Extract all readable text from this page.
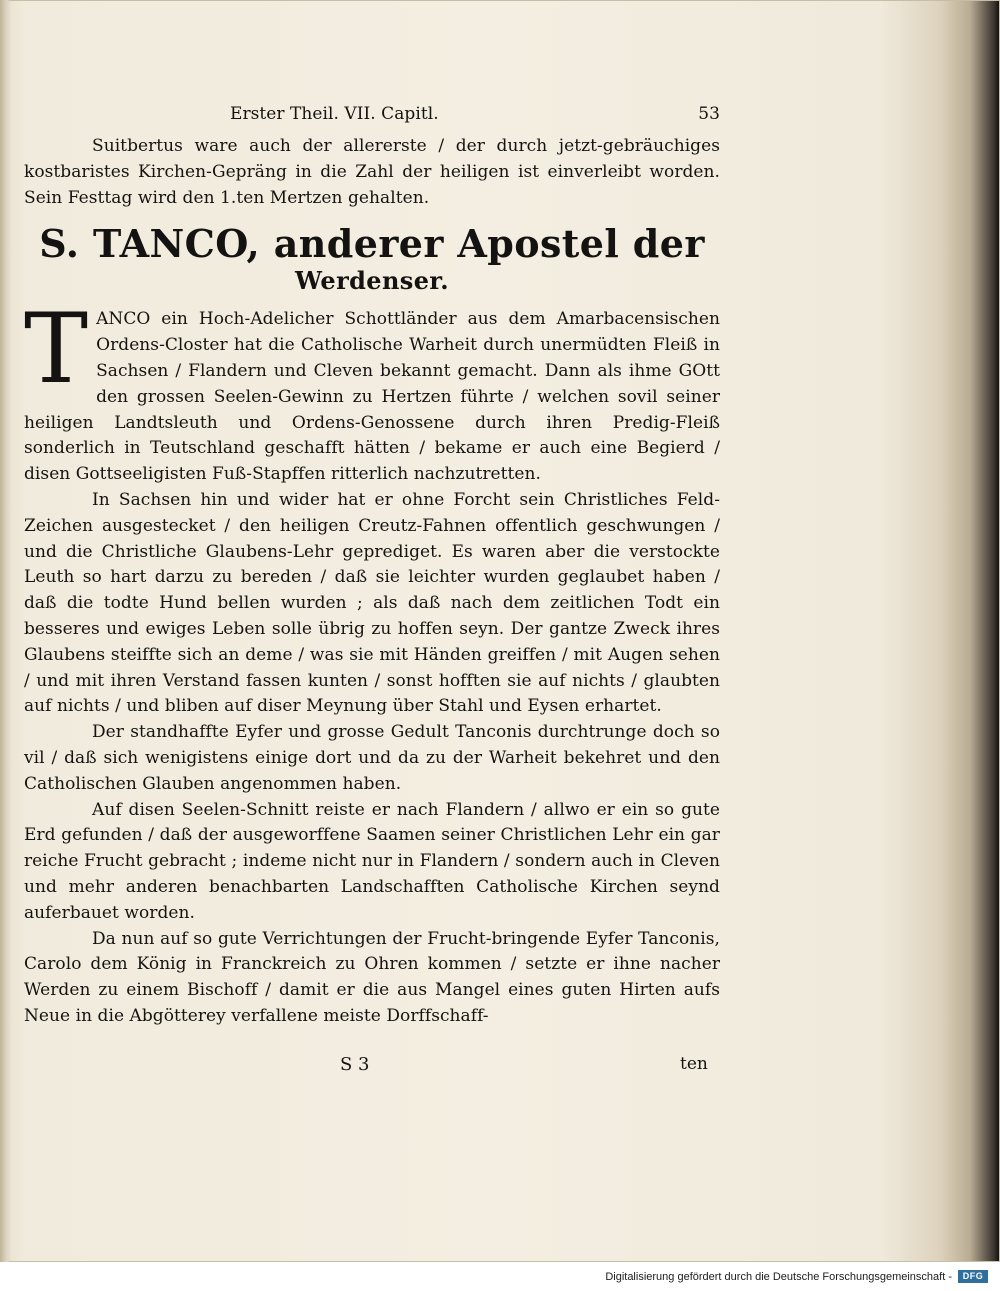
Erster Theil. VII. Capitl.	53

Suitbertus ware auch der allererste / der durch jetzt-gebräuchiges kostbaristes Kirchen-Gepräng in die Zahl der heiligen ist einverleibt worden. Sein Festtag wird den 1.ten Mertzen gehalten.

S. TANCO, anderer Apostel der
Werdenser.
T ANCO ein Hoch-Adelicher Schottländer aus dem Amarbacensischen Ordens-Closter hat die Catholische Warheit durch unermüdten Fleiß in Sachsen / Flandern und Cleven bekannt gemacht. Dann als ihme GOtt den grossen Seelen-Gewinn zu Hertzen führte / welchen sovil seiner heiligen Landtsleuth und Ordens-Genossene durch ihren Predig-Fleiß sonderlich in Teutschland geschafft hätten / bekame er auch eine Begierd / disen Gottseeligisten Fuß-Stapffen ritterlich nachzutretten.

In Sachsen hin und wider hat er ohne Forcht sein Christliches Feld-Zeichen ausgestecket / den heiligen Creutz-Fahnen offentlich geschwungen / und die Christliche Glaubens-Lehr geprediget. Es waren aber die verstockte Leuth so hart darzu zu bereden / daß sie leichter wurden geglaubet haben / daß die todte Hund bellen wurden ; als daß nach dem zeitlichen Todt ein besseres und ewiges Leben solle übrig zu hoffen seyn. Der gantze Zweck ihres Glaubens steiffte sich an deme / was sie mit Händen greiffen / mit Augen sehen / und mit ihren Verstand fassen kunten / sonst hofften sie auf nichts / glaubten auf nichts / und bliben auf diser Meynung über Stahl und Eysen erhartet.

Der standhaffte Eyfer und grosse Gedult Tanconis durchtrunge doch so vil / daß sich wenigistens einige dort und da zu der Warheit bekehret und den Catholischen Glauben angenommen haben.

Auf disen Seelen-Schnitt reiste er nach Flandern / allwo er ein so gute Erd gefunden / daß der ausgeworffene Saamen seiner Christlichen Lehr ein gar reiche Frucht gebracht ; indeme nicht nur in Flandern / sondern auch in Cleven und mehr anderen benachbarten Landschafften Catholische Kirchen seynd auferbauet worden.

Da nun auf so gute Verrichtungen der Frucht-bringende Eyfer Tanconis, Carolo dem König in Franckreich zu Ohren kommen / setzte er ihne nacher Werden zu einem Bischoff / damit er die aus Mangel eines guten Hirten aufs Neue in die Abgötterey verfallene meiste Dorffschaff-

S 3	ten
Digitalisierung gefördert durch die Deutsche Forschungsgemeinschaft -	DFG
